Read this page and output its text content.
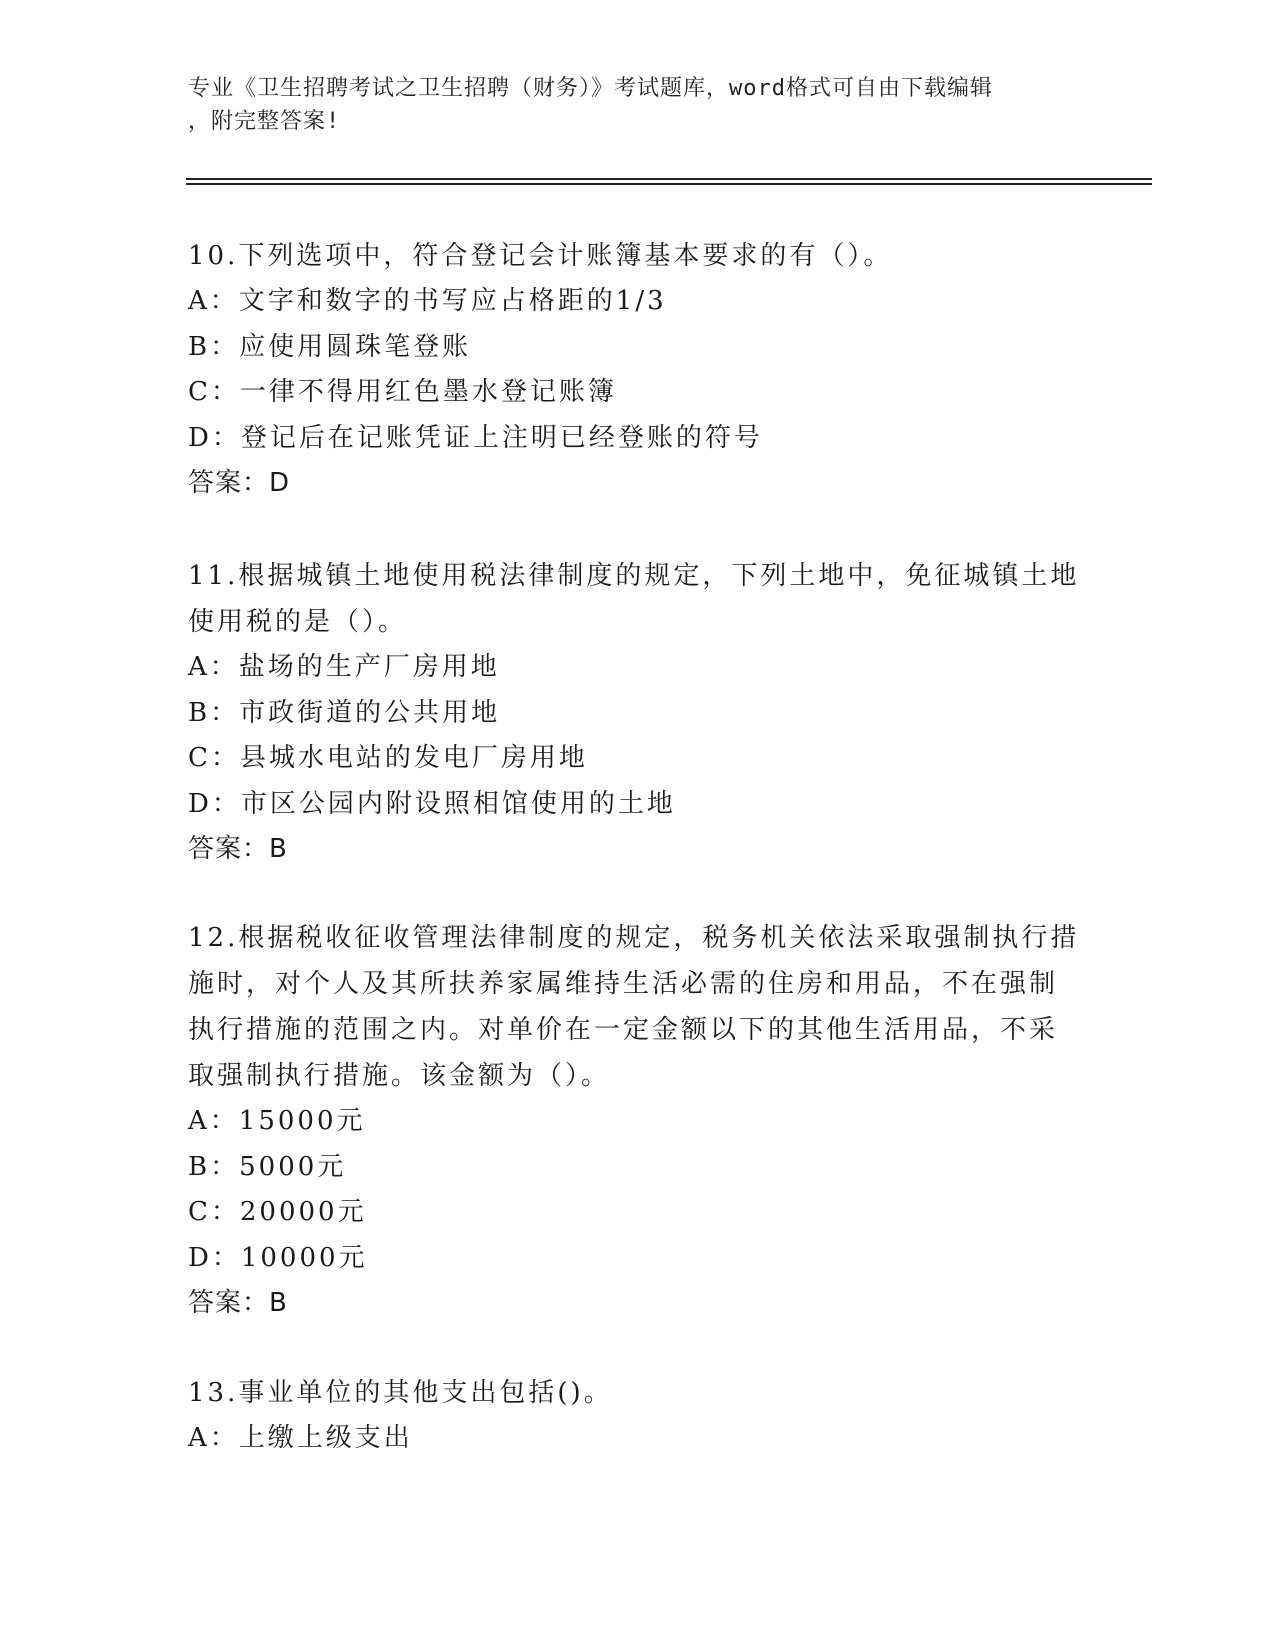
专业《卫生招聘考试之卫生招聘（财务）》考试题库，word格式可自由下载编辑
，附完整答案!
10.下列选项中，符合登记会计账簿基本要求的有（）。
A：文字和数字的书写应占格距的1/3
B：应使用圆珠笔登账
C：一律不得用红色墨水登记账簿
D：登记后在记账凭证上注明已经登账的符号
答案：D
11.根据城镇土地使用税法律制度的规定，下列土地中，免征城镇土地
使用税的是（）。
A：盐场的生产厂房用地
B：市政街道的公共用地
C：县城水电站的发电厂房用地
D：市区公园内附设照相馆使用的土地
答案：B
12.根据税收征收管理法律制度的规定，税务机关依法采取强制执行措
施时，对个人及其所扶养家属维持生活必需的住房和用品，不在强制
执行措施的范围之内。对单价在一定金额以下的其他生活用品，不采
取强制执行措施。该金额为（）。
A：15000元
B：5000元
C：20000元
D：10000元
答案：B
13.事业单位的其他支出包括()。
A：上缴上级支出
